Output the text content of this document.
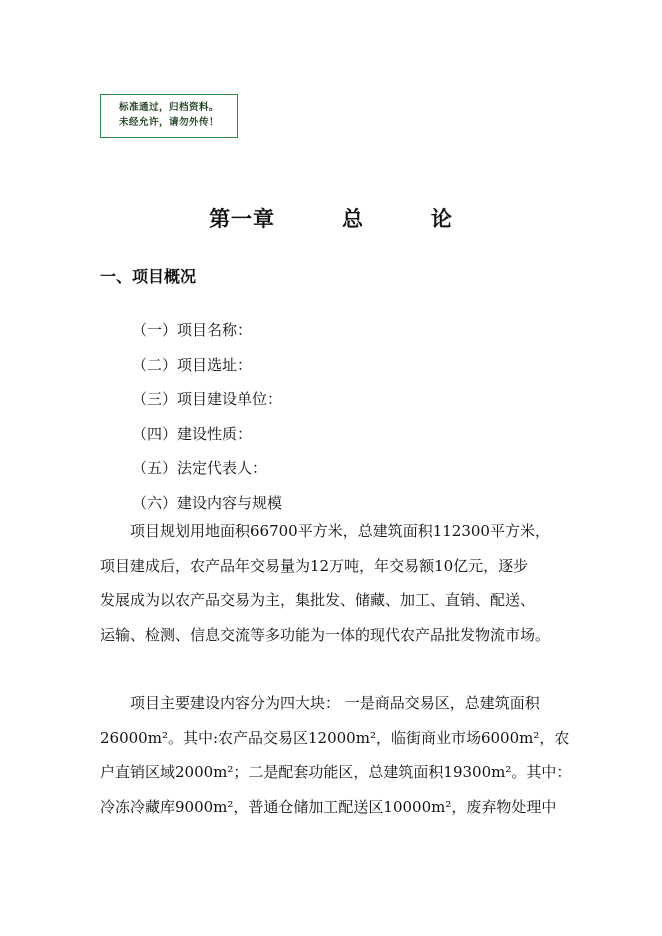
标准通过，归档资料。
未经允许，请勿外传！
第一章   总   论
一、项目概况
（一）项目名称：
（二）项目选址：
（三）项目建设单位：
（四）建设性质：
（五）法定代表人：
（六）建设内容与规模
　　项目规划用地面积66700平方米，总建筑面积112300平方米，
项目建成后，农产品年交易量为12万吨，年交易额10亿元，逐步
发展成为以农产品交易为主，集批发、储藏、加工、直销、配送、
运输、检测、信息交流等多功能为一体的现代农产品批发物流市场。
　　项目主要建设内容分为四大块： 一是商品交易区，总建筑面积
26000m²。其中:农产品交易区12000m²，临街商业市场6000m²，农
户直销区域2000m²；二是配套功能区，总建筑面积19300m²。其中：
冷冻冷藏库9000m²，普通仓储加工配送区10000m²，废弃物处理中
